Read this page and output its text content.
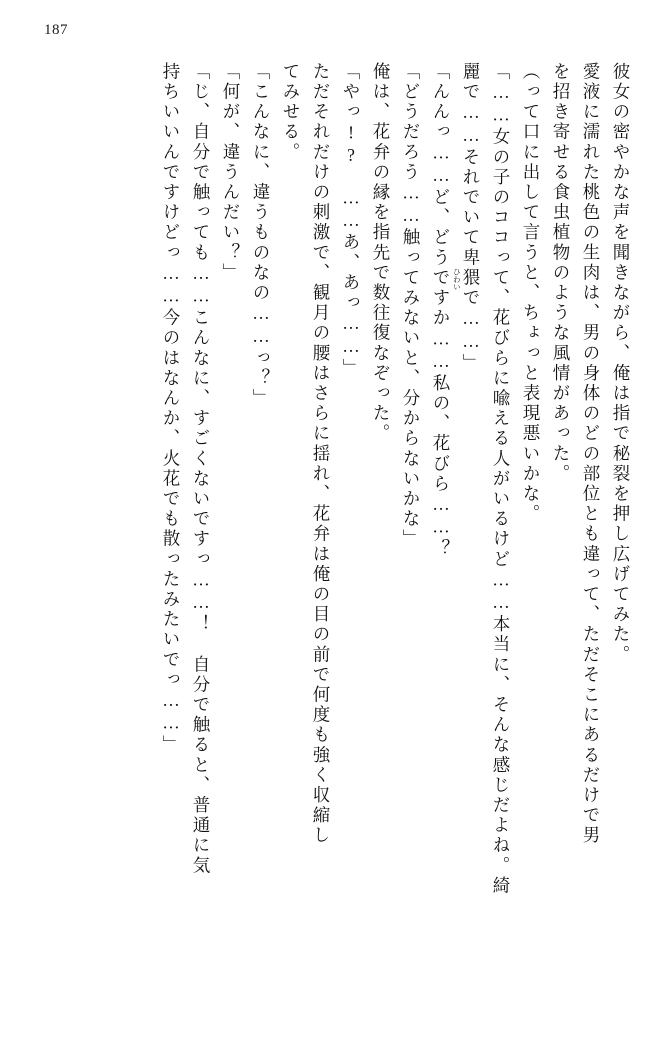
187
彼女の密やかな声を聞きながら、俺は指で秘裂を押し広げてみた。
愛液に濡れた桃色の生肉は、男の身体のどの部位とも違って、ただそこにあるだけで男
を招き寄せる食虫植物のような風情があった。
（って口に出して言うと、ちょっと表現悪いかな。
「……女の子のココって、花びらに喩える人がいるけど……本当に、そんな感じだよね。綺
麗で……それでいて卑猥
ひわい
で……」
「んんっ……ど、どうですか……私の、花びら……？
「どうだろう……触ってみないと、分からないかな」
俺は、花弁の縁を指先で数往復なぞった。
「やっ!?　……あ、あっ……」
ただそれだけの刺激で、観月の腰はさらに揺れ、花弁は俺の目の前で何度も強く収縮し
てみせる。
「こんなに、違うものなの……っ？」
「何が、違うんだい？」
「じ、自分で触っても……こんなに、すごくないですっ……！　自分で触ると、普通に気
持ちいいんですけどっ……今のはなんか、火花でも散ったみたいでっ……」
